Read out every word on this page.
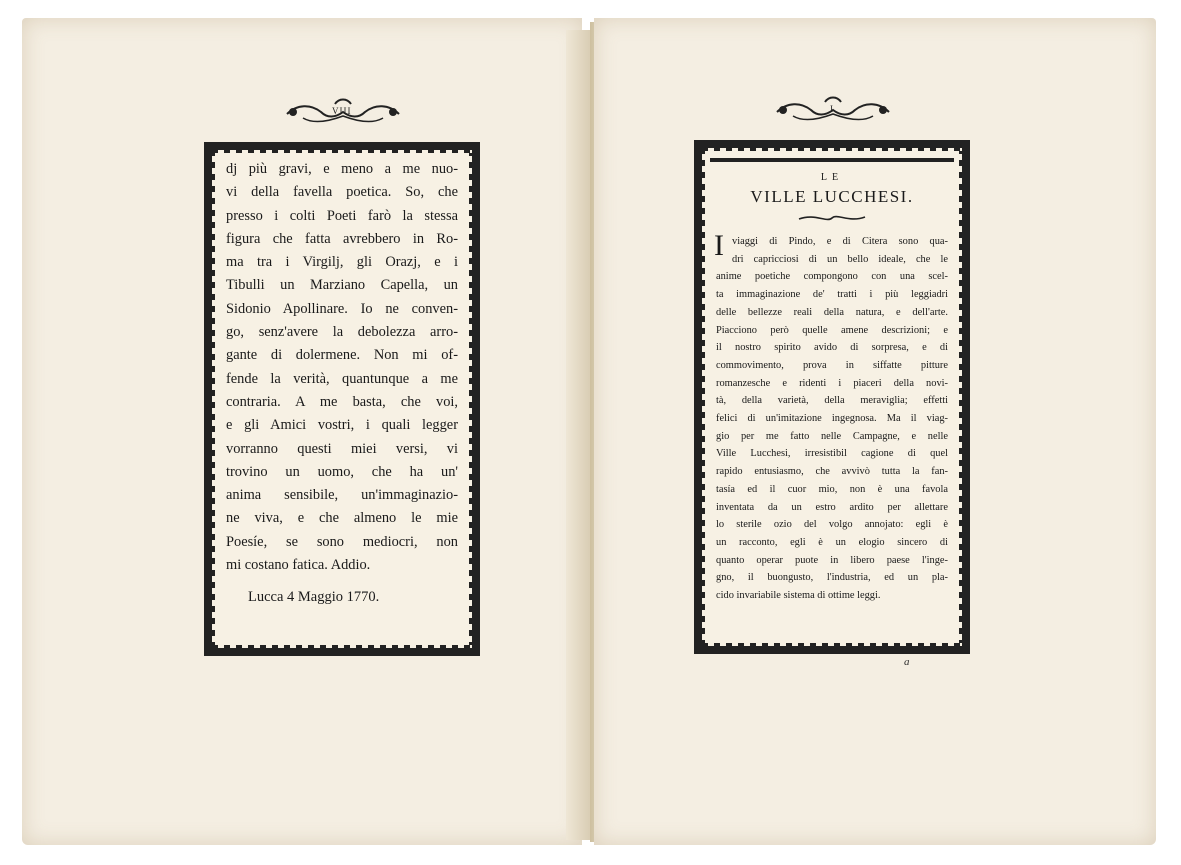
VIII
dj più gravi, e meno a me nuo-
vi della favella poetica. So, che
presso i colti Poeti farò la stessa
figura che fatta avrebbero in Ro-
ma tra i Virgilj, gli Orazj, e i
Tibulli un Marziano Capella, un
Sidonio Apollinare. Io ne conven-
go, senz'avere la debolezza arro-
gante di dolermene. Non mi of-
fende la verità, quantunque a me
contraria. A me basta, che voi,
e gli Amici vostri, i quali legger
vorranno questi miei versi, vi
trovino un uomo, che ha un'
anima sensibile, un'immaginazio-
ne viva, e che almeno le mie
Poesíe, se sono mediocri, non
mi costano fatica. Addio.
Lucca 4 Maggio 1770.
I
LE
VILLE LUCCHESI.
I viaggi di Pindo, e di Citera sono qua-
dri capricciosi di un bello ideale, che le
anime poetiche compongono con una scel-
ta immaginazione de' tratti i più leggiadri
delle bellezze reali della natura, e dell'arte.
Piacciono però quelle amene descrizioni; e
il nostro spirito avido di sorpresa, e di
commovimento, prova in siffatte pitture
romanzesche e ridenti i piaceri della novi-
tà, della varietà, della meraviglia; effetti
felici di un'imitazione ingegnosa. Ma il viag-
gio per me fatto nelle Campagne, e nelle
Ville Lucchesi, irresistibil cagione di quel
rapido entusiasmo, che avvivò tutta la fan-
tasía ed il cuor mio, non è una favola
inventata da un estro ardito per allettare
lo sterile ozio del volgo annojato: egli è
un racconto, egli è un elogio sincero di
quanto operar puote in libero paese l'inge-
gno, il buongusto, l'industria, ed un pla-
cido invariabile sistema di ottime leggi.
a
